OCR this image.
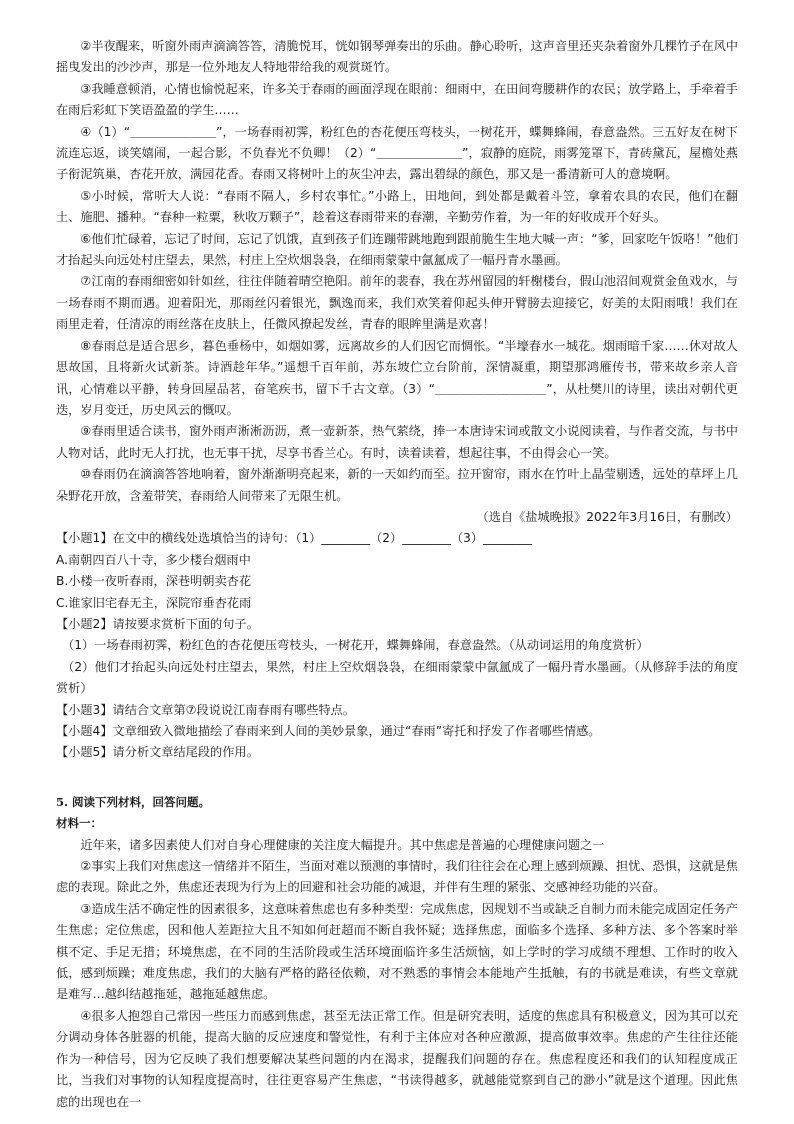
②半夜醒来，听窗外雨声滴滴答答，清脆悦耳，恍如钢琴弹奏出的乐曲。静心聆听，这声音里还夹杂着窗外几棵竹子在风中摇曳发出的沙沙声，那是一位外地友人特地带给我的观赏斑竹。

③我睡意顿消，心情也愉悦起来，许多关于春雨的画面浮现在眼前：细雨中，在田间弯腰耕作的农民；放学路上，手牵着手在雨后彩虹下笑语盈盈的学生……

④（1）“＿＿＿＿＿＿＿”，一场春雨初霁，粉红色的杏花便压弯枝头，一树花开，蝶舞蜂闹，春意盎然。三五好友在树下流连忘返，谈笑嬉闹，一起合影，不负春光不负卿！（2）“＿＿＿＿＿＿＿”，寂静的庭院，雨雾笼罩下，青砖黛瓦，屋檐处燕子衔泥筑巢，杏花开放，满园花香。春雨又将树叶上的灰尘冲去，露出碧绿的颜色，那又是一番清新可人的意境啊。

⑤小时候，常听大人说：“春雨不隔人，乡村农事忙。”小路上，田地间，到处都是戴着斗笠，拿着农具的农民，他们在翻土、施肥、播种。“春种一粒粟，秋收万颗子”，趁着这春雨带来的春潮，辛勤劳作着，为一年的好收成开个好头。

⑥他们忙碌着，忘记了时间，忘记了饥饿，直到孩子们连蹦带跳地跑到跟前脆生生地大喊一声：“爹，回家吃午饭咯！”他们才抬起头向远处村庄望去，果然，村庄上空炊烟袅袅，在细雨蒙蒙中氤氲成了一幅丹青水墨画。

⑦江南的春雨细密如针如丝，往往伴随着晴空艳阳。前年的裴春，我在苏州留园的轩榭楼台，假山池沼间观赏金鱼戏水，与一场春雨不期而遇。迎着阳光，那雨丝闪着银光，飘逸而来，我们欢笑着仰起头伸开臂膀去迎接它，好美的太阳雨哦！我们在雨里走着，任清凉的雨丝落在皮肤上，任微风撩起发丝，青春的眼眸里满是欢喜！

⑧春雨总是适合思乡，暮色垂杨中，如烟如雾，远离故乡的人们因它而惆怅。“半壕春水一城花。烟雨暗千家……休对故人思故国，且将新火试新茶。诗酒趁年华。”遥想千百年前，苏东坡伫立台阶前，深情凝重，期望那鸿雁传书，带来故乡亲人音讯，心情难以平静，转身回屋品茗，奋笔疾书，留下千古文章。（3）“＿＿＿＿＿＿＿＿＿”，从杜樊川的诗里，读出对朝代更迭，岁月变迁，历史风云的慨叹。

⑨春雨里适合读书，窗外雨声淅淅沥沥，煮一壶新茶，热气萦绕，捧一本唐诗宋词或散文小说阅读着，与作者交流，与书中人物对话，此时无人打扰，也无事干扰，尽享书香兰心。有时，读着读着，想起往事，不由得会心一笑。

⑩春雨仍在滴滴答答地响着，窗外渐渐明亮起来，新的一天如约而至。拉开窗帘，雨水在竹叶上晶莹剔透，远处的草坪上几朵野花开放，含羞带笑，春雨给人间带来了无限生机。

（选自《盐城晚报》2022年3月16日，有删改）

【小题1】在文中的横线处选填恰当的诗句：（1）________（2）________（3）________

A.南朝四百八十寺，多少楼台烟雨中

B.小楼一夜听春雨，深巷明朝卖杏花

C.谁家旧宅春无主，深院帘垂杏花雨

【小题2】请按要求赏析下面的句子。

（1）一场春雨初霁，粉红色的杏花便压弯枝头，一树花开，蝶舞蜂闹，春意盎然。（从动词运用的角度赏析）

（2）他们才抬起头向远处村庄望去，果然，村庄上空炊烟袅袅，在细雨蒙蒙中氤氲成了一幅丹青水墨画。（从修辞手法的角度赏析）

【小题3】请结合文章第⑦段说说江南春雨有哪些特点。

【小题4】文章细致入微地描绘了春雨来到人间的美妙景象，通过“春雨”寄托和抒发了作者哪些情感。

【小题5】请分析文章结尾段的作用。

5. 阅读下列材料，回答问题。

材料一：

近年来，诸多因素使人们对自身心理健康的关注度大幅提升。其中焦虑是普遍的心理健康问题之一

②事实上我们对焦虑这一情绪并不陌生，当面对难以预测的事情时，我们往往会在心理上感到烦躁、担忧、恐惧，这就是焦虑的表现。除此之外，焦虑还表现为行为上的回避和社会功能的减退，并伴有生理的紧张、交感神经功能的兴奋。

③造成生活不确定性的因素很多，这意味着焦虑也有多种类型：完成焦虑，因规划不当或缺乏自制力而未能完成固定任务产生焦虑；定位焦虑，因和他人差距拉大且不知如何赶超而不断自我怀疑；选择焦虑，面临多个选择、多种方法、多个答案时举棋不定、手足无措；环境焦虑，在不同的生活阶段或生活环境面临许多生活烦恼，如上学时的学习成绩不理想、工作时的收入低，感到烦躁；难度焦虑，我们的大脑有严格的路径依赖，对不熟悉的事情会本能地产生抵触，有的书就是难读，有些文章就是难写…越纠结越拖延，越拖延越焦虑。

④很多人抱怨自己常因一些压力而感到焦虑，甚至无法正常工作。但是研究表明，适度的焦虑具有积极意义，因为其可以充分调动身体各脏器的机能，提高大脑的反应速度和警觉性，有利于主体应对各种应激源，提高做事效率。焦虑的产生往往还能作为一种信号，因为它反映了我们想要解决某些问题的内在渴求，提醒我们问题的存在。焦虑程度还和我们的认知程度成正比，当我们对事物的认知程度提高时，往往更容易产生焦虑，“书读得越多，就越能觉察到自己的渺小”就是这个道理。因此焦虑的出现也在一
